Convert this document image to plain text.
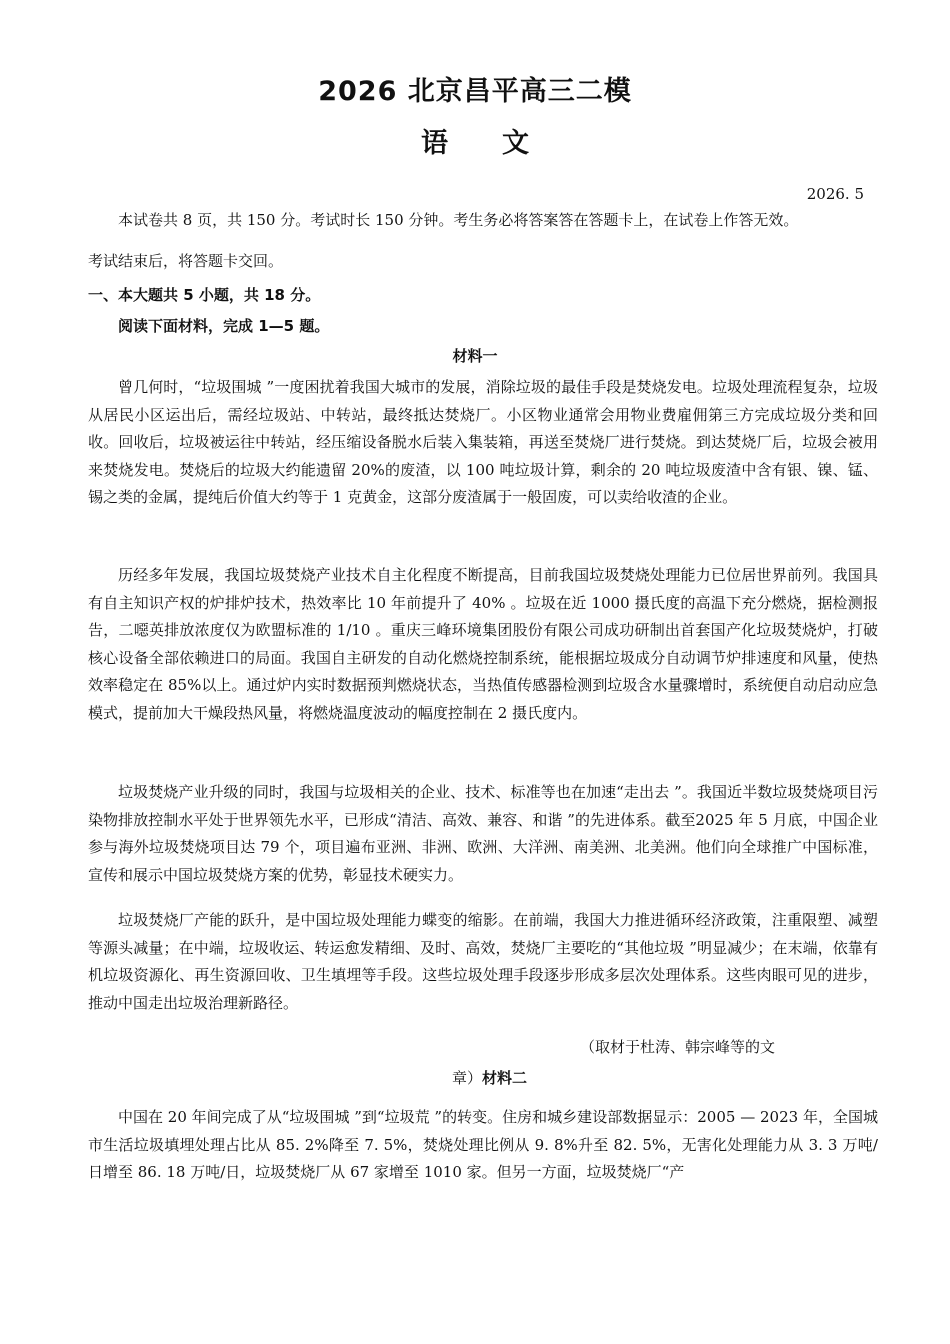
2026 北京昌平高三二模
语 文
2026. 5
本试卷共 8 页，共 150 分。考试时长 150 分钟。考生务必将答案答在答题卡上，在试卷上作答无效。
考试结束后，将答题卡交回。
一、本大题共 5 小题，共 18 分。
阅读下面材料，完成 1—5 题。
材料一
曾几何时，“垃圾围城 ”一度困扰着我国大城市的发展，消除垃圾的最佳手段是焚烧发电。垃圾处理流程复杂，垃圾从居民小区运出后，需经垃圾站、中转站，最终抵达焚烧厂。小区物业通常会用物业费雇佣第三方完成垃圾分类和回收。回收后，垃圾被运往中转站，经压缩设备脱水后装入集装箱，再送至焚烧厂进行焚烧。到达焚烧厂后，垃圾会被用来焚烧发电。焚烧后的垃圾大约能遗留 20%的废渣，以 100 吨垃圾计算，剩余的 20 吨垃圾废渣中含有银、镍、锰、锡之类的金属，提纯后价值大约等于 1 克黄金，这部分废渣属于一般固废，可以卖给收渣的企业。
历经多年发展，我国垃圾焚烧产业技术自主化程度不断提高，目前我国垃圾焚烧处理能力已位居世界前列。我国具有自主知识产权的炉排炉技术，热效率比 10 年前提升了 40% 。垃圾在近 1000 摄氏度的高温下充分燃烧，据检测报告，二噁英排放浓度仅为欧盟标准的 1/10 。重庆三峰环境集团股份有限公司成功研制出首套国产化垃圾焚烧炉，打破核心设备全部依赖进口的局面。我国自主研发的自动化燃烧控制系统，能根据垃圾成分自动调节炉排速度和风量，使热效率稳定在 85%以上。通过炉内实时数据预判燃烧状态，当热值传感器检测到垃圾含水量骤增时，系统便自动启动应急模式，提前加大干燥段热风量，将燃烧温度波动的幅度控制在 2 摄氏度内。
垃圾焚烧产业升级的同时，我国与垃圾相关的企业、技术、标准等也在加速“走出去 ”。我国近半数垃圾焚烧项目污染物排放控制水平处于世界领先水平，已形成“清洁、高效、兼容、和谐 ”的先进体系。截至2025 年 5 月底，中国企业参与海外垃圾焚烧项目达 79 个，项目遍布亚洲、非洲、欧洲、大洋洲、南美洲、北美洲。他们向全球推广中国标准，宣传和展示中国垃圾焚烧方案的优势，彰显技术硬实力。
垃圾焚烧厂产能的跃升，是中国垃圾处理能力蝶变的缩影。在前端，我国大力推进循环经济政策，注重限塑、减塑等源头减量；在中端，垃圾收运、转运愈发精细、及时、高效，焚烧厂主要吃的“其他垃圾 ”明显减少；在末端，依靠有机垃圾资源化、再生资源回收、卫生填埋等手段。这些垃圾处理手段逐步形成多层次处理体系。这些肉眼可见的进步，推动中国走出垃圾治理新路径。
（取材于杜涛、韩宗峰等的文
章） 材料二
中国在 20 年间完成了从“垃圾围城 ”到“垃圾荒 ”的转变。住房和城乡建设部数据显示：2005 — 2023 年，全国城市生活垃圾填埋处理占比从 85. 2%降至 7. 5%，焚烧处理比例从 9. 8%升至 82. 5%，无害化处理能力从 3. 3 万吨/日增至 86. 18 万吨/日，垃圾焚烧厂从 67 家增至 1010 家。但另一方面，垃圾焚烧厂“产
